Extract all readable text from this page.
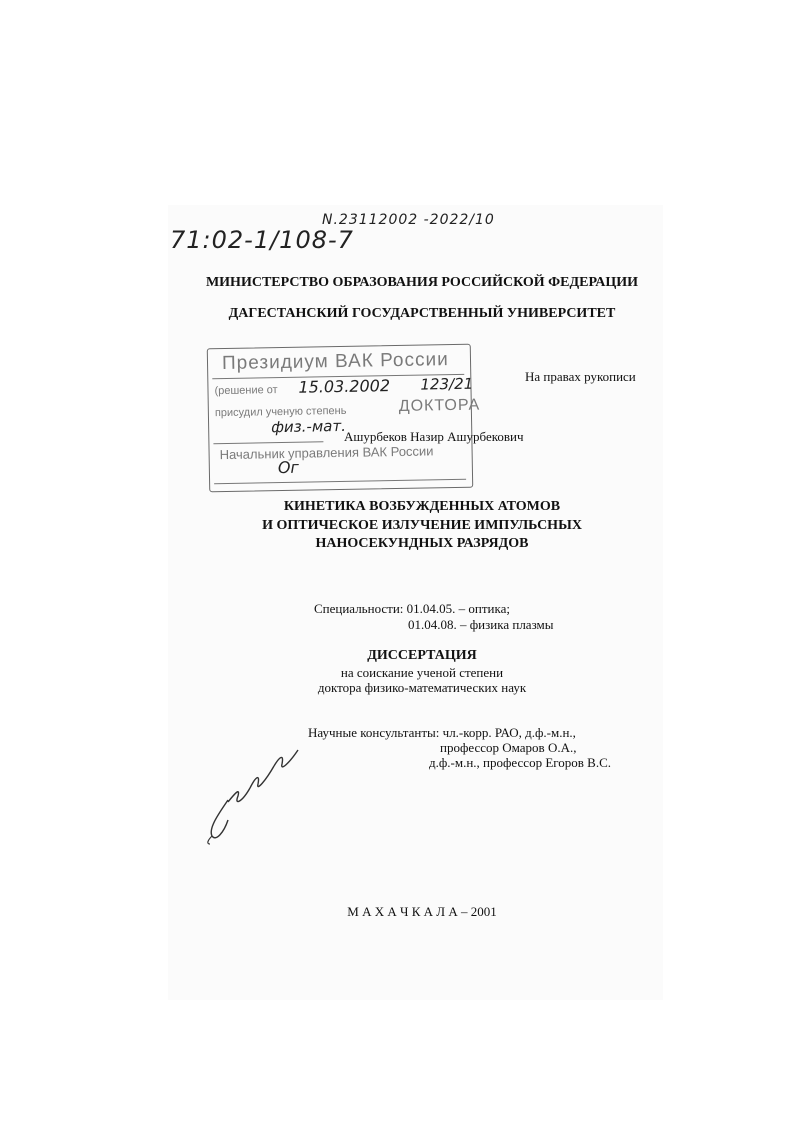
N.23112002 -2022/10
71:02-1/108-7
МИНИСТЕРСТВО ОБРАЗОВАНИЯ РОССИЙСКОЙ ФЕДЕРАЦИИ
ДАГЕСТАНСКИЙ ГОСУДАРСТВЕННЫЙ УНИВЕРСИТЕТ
Президиум ВАК России
(решение от 15.03.2002 123/21
присудил ученую степень	ДОКТОРА
физ.-мат.
Начальник управления ВАК России
Ог
На правах рукописи
Ашурбеков Назир Ашурбекович
КИНЕТИКА ВОЗБУЖДЕННЫХ АТОМОВ
И ОПТИЧЕСКОЕ ИЗЛУЧЕНИЕ ИМПУЛЬСНЫХ
НАНОСЕКУНДНЫХ РАЗРЯДОВ
Специальности: 01.04.05. – оптика;
01.04.08. – физика плазмы
ДИССЕРТАЦИЯ
на соискание ученой степени
доктора физико-математических наук
Научные консультанты: чл.-корр. РАО, д.ф.-м.н.,
профессор Омаров О.А.,
д.ф.-м.н., профессор Егоров В.С.
М А Х А Ч К А Л А – 2001
